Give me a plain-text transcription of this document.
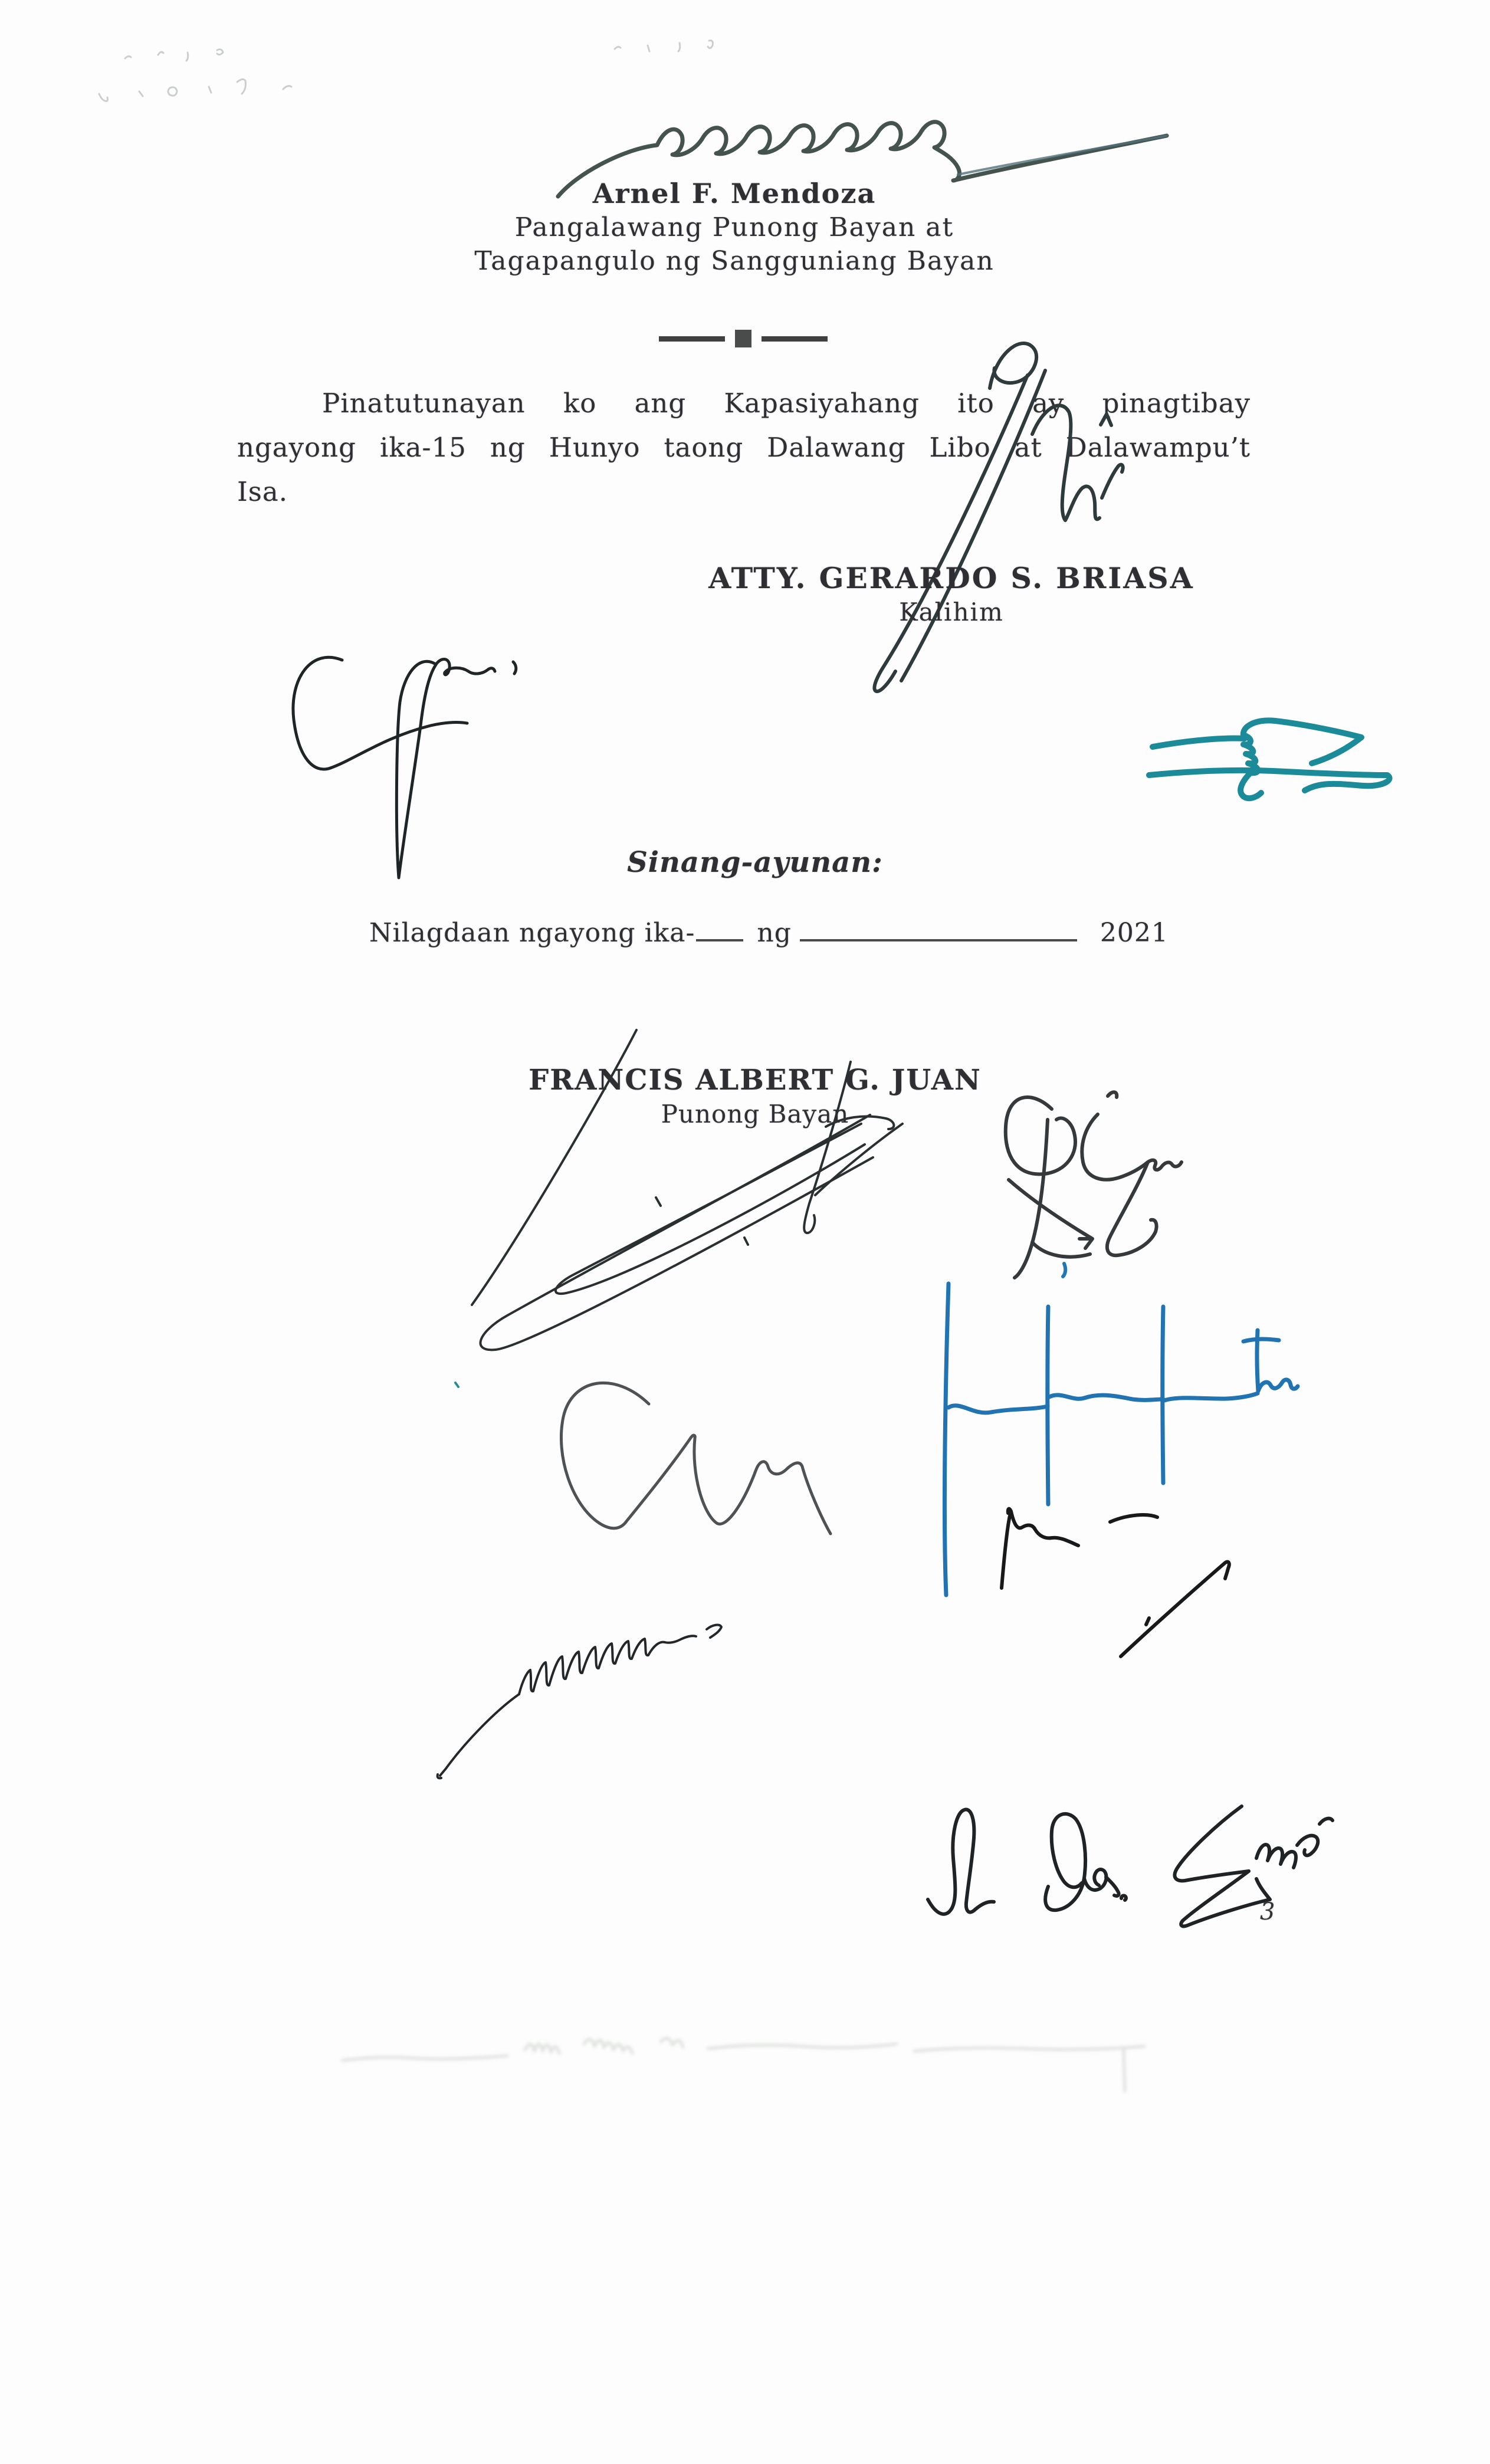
Arnel F. Mendoza
Pangalawang Punong Bayan at
Tagapangulo ng Sangguniang Bayan
Pinatutunayan ko ang Kapasiyahang ito ay pinagtibay
ngayong ika-15 ng Hunyo taong Dalawang Libo at Dalawampu’t
Isa.
ATTY. GERARDO S. BRIASA
Kalihim
Sinang-ayunan:
Nilagdaan ngayong ika- ng	2021
FRANCIS ALBERT G. JUAN
Punong Bayan
3
